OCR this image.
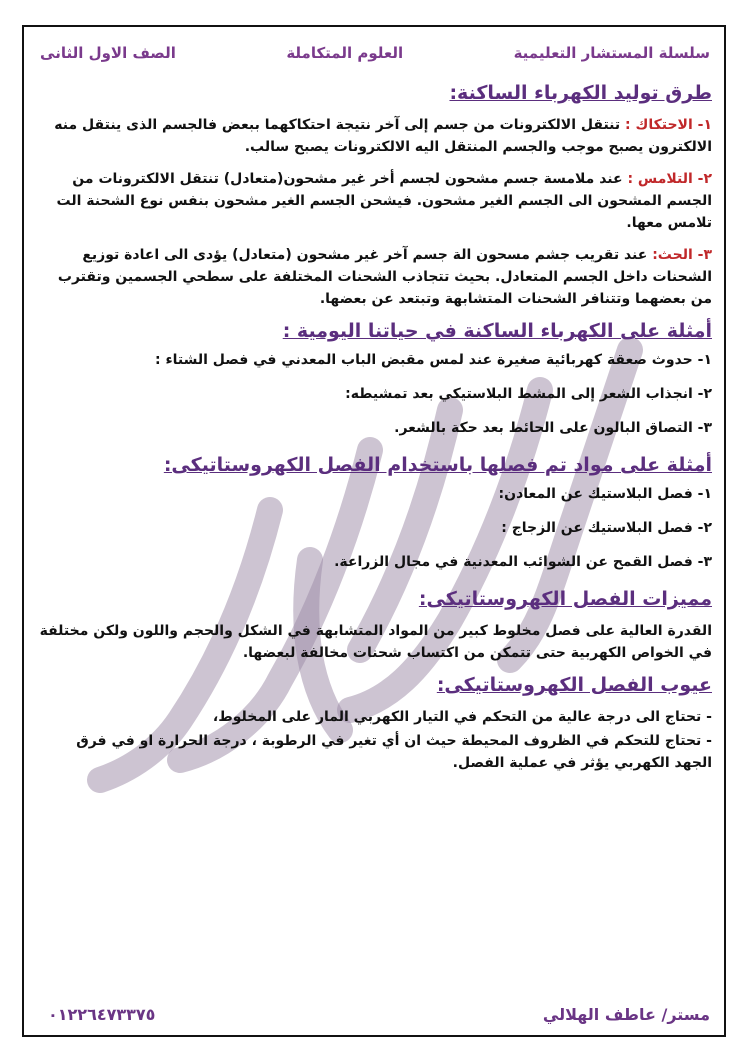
سلسلة المستشار التعليمية
العلوم المتكاملة
الصف الاول الثانى
طرق توليد الكهرباء الساكنة:

١- الاحتكاك : تنتقل الالكترونات من جسم إلى آخر نتيجة احتكاكهما ببعض فالجسم الذى ينتقل منه الالكترون يصبح موجب والجسم المنتقل اليه الالكترونات يصبح سالب.

٢- التلامس : عند ملامسة جسم مشحون لجسم أخر غير مشحون(متعادل) تنتقل الالكترونات من الجسم المشحون الى الجسم الغير مشحون. فيشحن الجسم الغير مشحون بنفس نوع الشحنة الت تلامس معها.

٣- الحث: عند تقريب جشم مسحون الة جسم آخر غير مشحون (متعادل) يؤدى الى اعادة توزيع الشحنات داخل الجسم المتعادل. بحيث تتجاذب الشحنات المختلفة على سطحي الجسمين وتقترب من بعضهما وتتنافر الشحنات المتشابهة وتبتعد عن بعضها.

أمثلة على الكهرباء الساكنة في حياتنا اليومية :
١- حدوث صعقة كهربائية صغيرة عند لمس مقبض الباب المعدني في فصل الشتاء :
٢- انجذاب الشعر إلى المشط البلاستيكي بعد تمشيطه:
٣- التصاق البالون على الحائط بعد حكة بالشعر.
أمثلة على مواد تم فصلها باستخدام الفصل الكهروستاتيكى:
١- فصل البلاستيك عن المعادن:
٢- فصل البلاستيك عن الزجاج :
٣- فصل القمح عن الشوائب المعدنية في مجال الزراعة.
مميزات الفصل الكهروستاتيكى:

القدرة العالية على فصل مخلوط كبير من المواد المتشابهة في الشكل والحجم واللون ولكن مختلفة في الخواص الكهربية حتى تتمكن من اكتساب شحنات مخالفة لبعضها.

عيوب الفصل الكهروستاتيكى:

- تحتاج الى درجة عالية من التحكم في التيار الكهربي المار على المخلوط،

- تحتاج للتحكم في الظروف المحيطة حيث ان أي تغير في الرطوبة ، درجة الحرارة او في فرق الجهد الكهربي يؤثر في عملية الفصل.

مستر/ عاطف الهلالي
٠١٢٢٦٤٧٣٣٧٥
